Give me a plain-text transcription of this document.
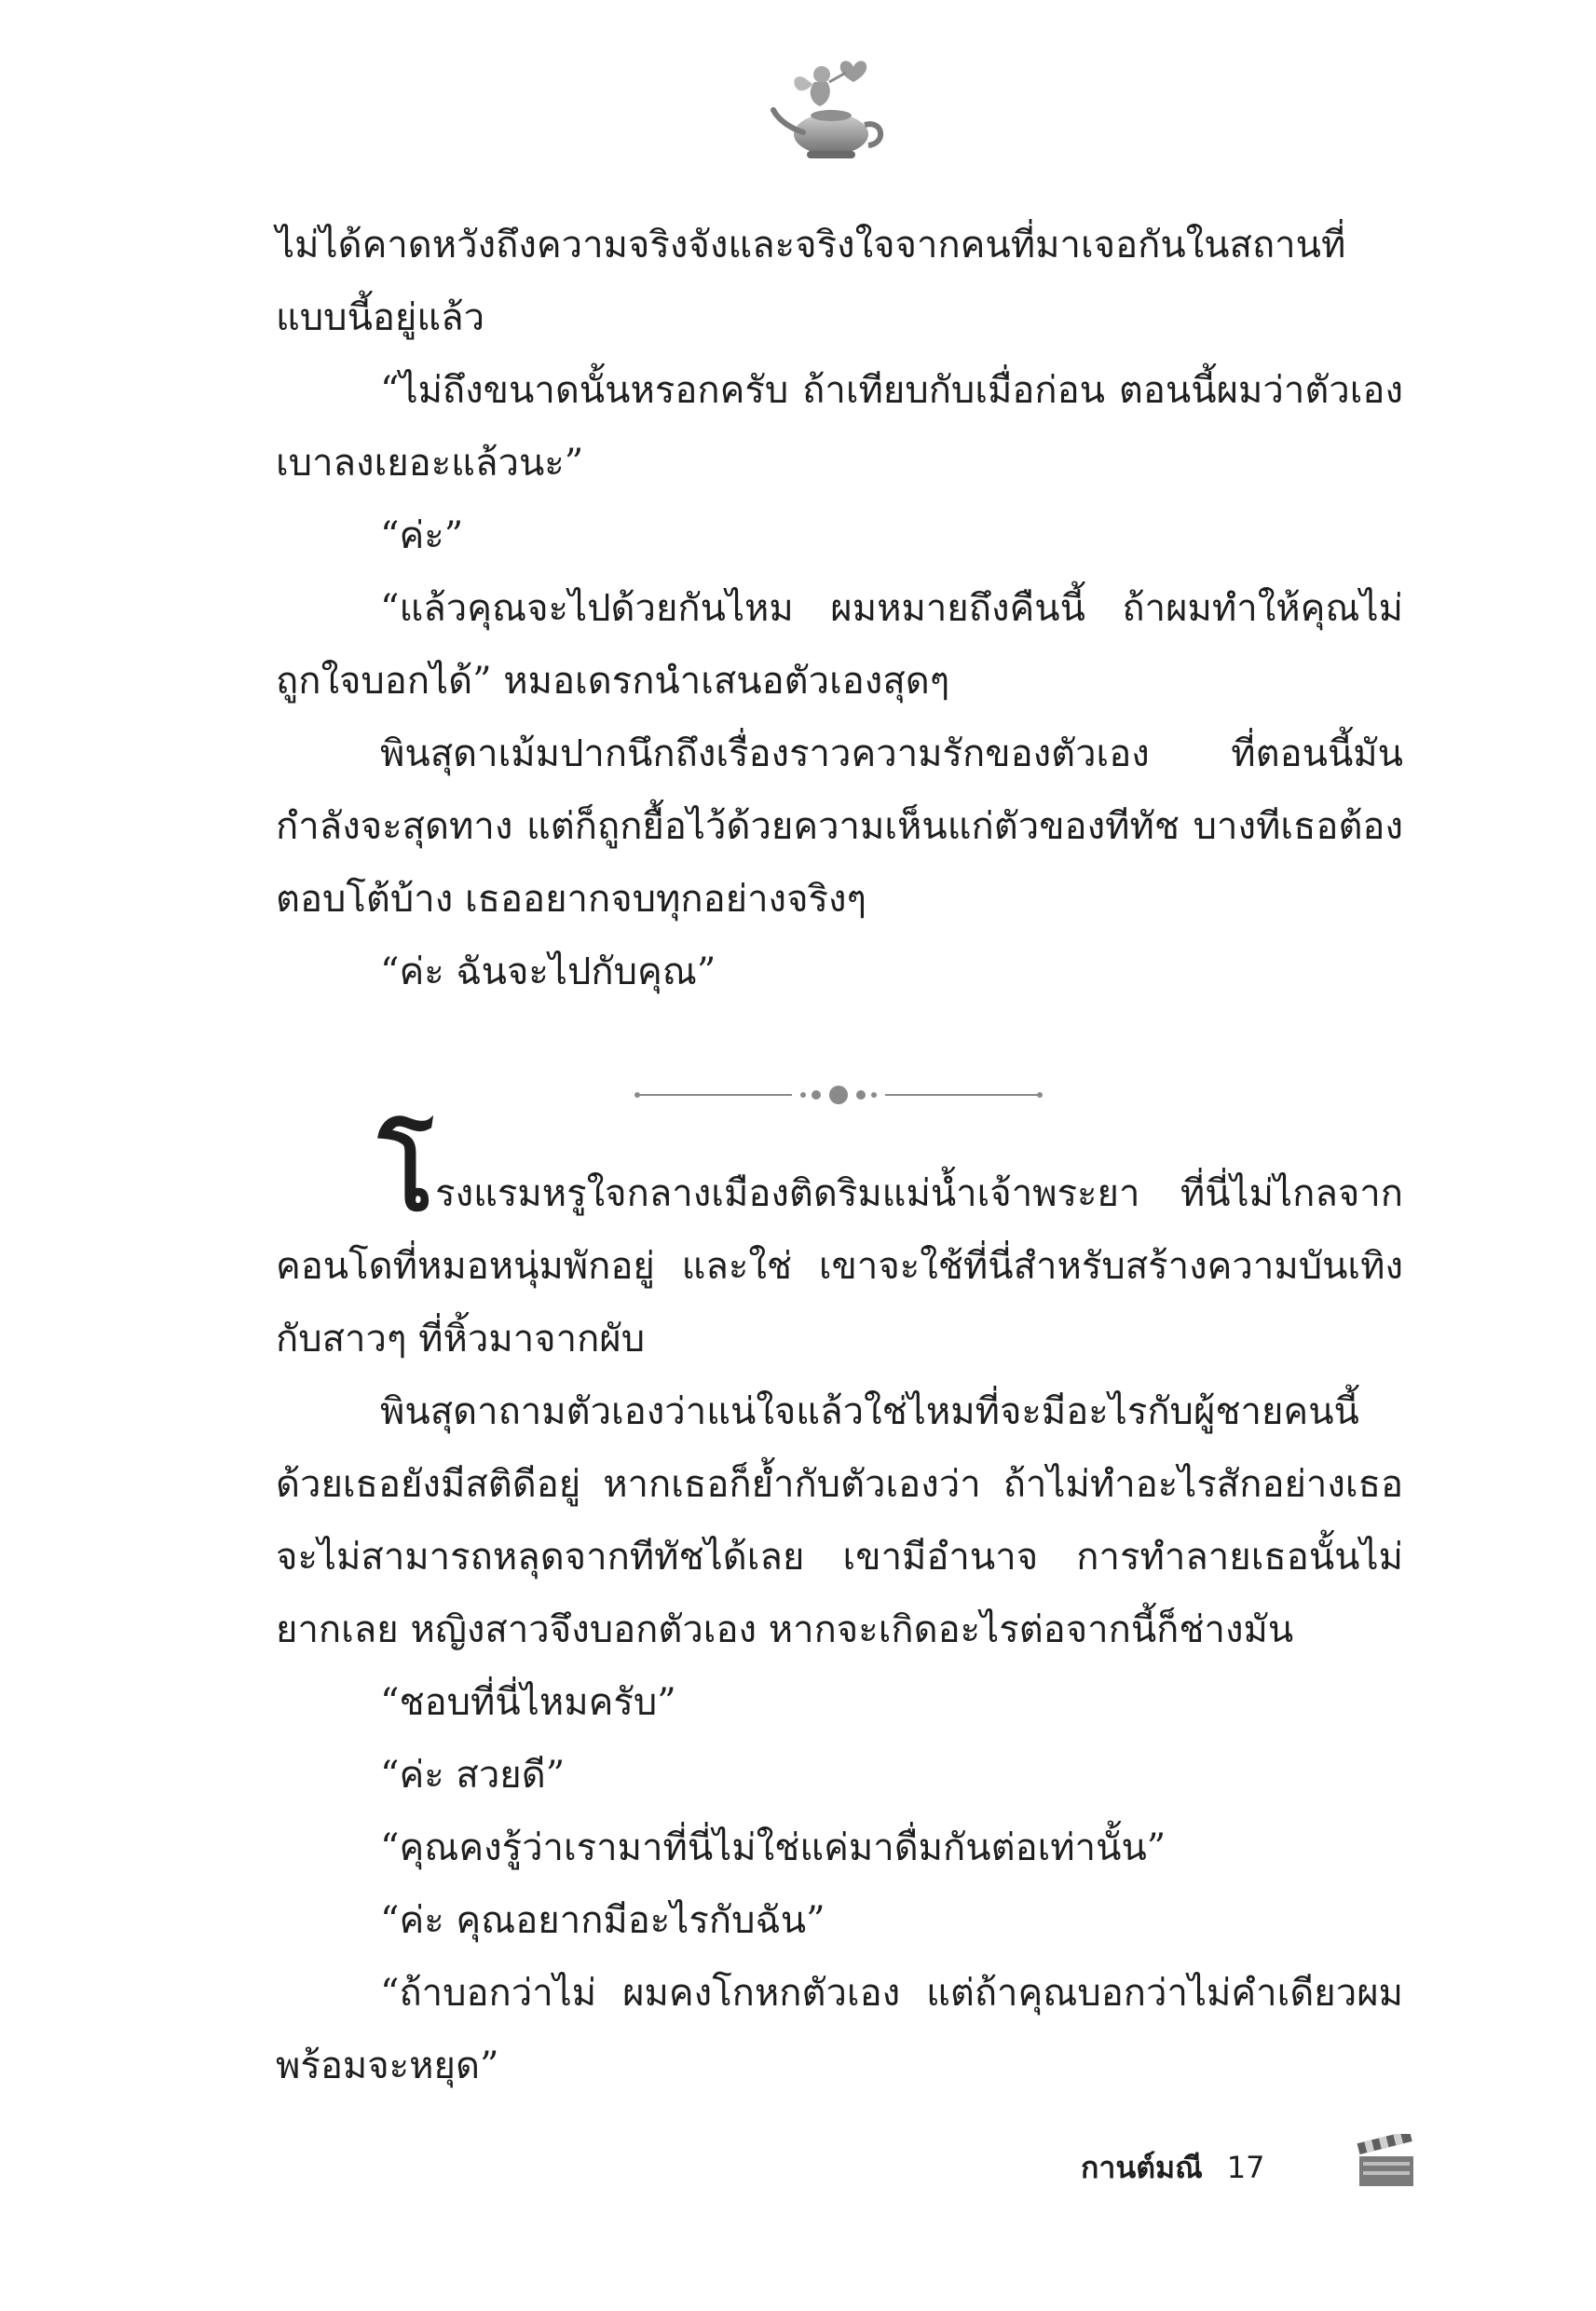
ไม่ได้คาดหวังถึงความจริงจังและจริงใจจากคนที่มาเจอกันในสถานที่แบบนี้อยู่แล้ว

“ไม่ถึงขนาดนั้นหรอกครับ ถ้าเทียบกับเมื่อก่อน ตอนนี้ผมว่าตัวเองเบาลงเยอะแล้วนะ”

“ค่ะ”

“แล้วคุณจะไปด้วยกันไหม ผมหมายถึงคืนนี้ ถ้าผมทำให้คุณไม่ถูกใจบอกได้” หมอเดรกนำเสนอตัวเองสุดๆ

พินสุดาเม้มปากนึกถึงเรื่องราวความรักของตัวเอง ที่ตอนนี้มันกำลังจะสุดทาง แต่ก็ถูกยื้อไว้ด้วยความเห็นแก่ตัวของทีทัช บางทีเธอต้องตอบโต้บ้าง เธออยากจบทุกอย่างจริงๆ

“ค่ะ ฉันจะไปกับคุณ”

โรงแรมหรูใจกลางเมืองติดริมแม่น้ำเจ้าพระยา ที่นี่ไม่ไกลจากคอนโดที่หมอหนุ่มพักอยู่ และใช่ เขาจะใช้ที่นี่สำหรับสร้างความบันเทิงกับสาวๆ ที่หิ้วมาจากผับ

พินสุดาถามตัวเองว่าแน่ใจแล้วใช่ไหมที่จะมีอะไรกับผู้ชายคนนี้ด้วยเธอยังมีสติดีอยู่ หากเธอก็ย้ำกับตัวเองว่า ถ้าไม่ทำอะไรสักอย่างเธอจะไม่สามารถหลุดจากทีทัชได้เลย เขามีอำนาจ การทำลายเธอนั้นไม่ยากเลย หญิงสาวจึงบอกตัวเอง หากจะเกิดอะไรต่อจากนี้ก็ช่างมัน

“ชอบที่นี่ไหมครับ”

“ค่ะ สวยดี”

“คุณคงรู้ว่าเรามาที่นี่ไม่ใช่แค่มาดื่มกันต่อเท่านั้น”

“ค่ะ คุณอยากมีอะไรกับฉัน”

“ถ้าบอกว่าไม่ ผมคงโกหกตัวเอง แต่ถ้าคุณบอกว่าไม่คำเดียวผมพร้อมจะหยุด”

กานต์มณี 17
